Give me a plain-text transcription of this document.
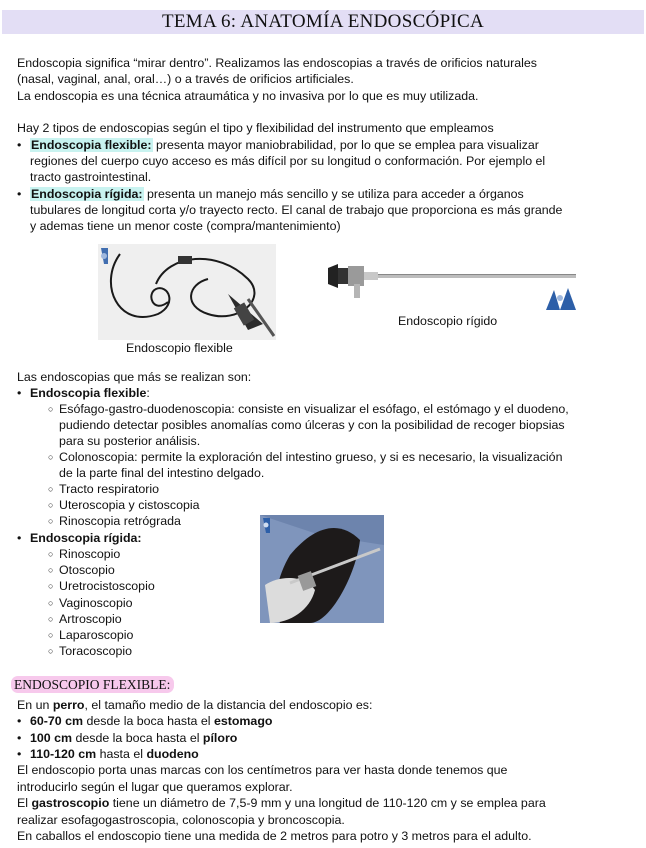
TEMA 6: ANATOMÍA ENDOSCÓPICA

Endoscopia significa “mirar dentro”. Realizamos las endoscopias a través de orificios naturales

(nasal, vaginal, anal, oral…) o a través de orificios artificiales.

La endoscopia es una técnica atraumática y no invasiva por lo que es muy utilizada.

Hay 2 tipos de endoscopias según el tipo y flexibilidad del instrumento que empleamos

• Endoscopia flexible: presenta mayor maniobrabilidad, por lo que se emplea para visualizar
regiones del cuerpo cuyo acceso es más difícil por su longitud o conformación. Por ejemplo el
tracto gastrointestinal.
• Endoscopia rígida: presenta un manejo más sencillo y se utiliza para acceder a órganos
tubulares de longitud corta y/o trayecto recto. El canal de trabajo que proporciona es más grande
y ademas tiene un menor coste (compra/mantenimiento)
Endoscopio flexible
Endoscopio rígido

Las endoscopias que más se realizan son:

• Endoscopia flexible:
○ Esófago-gastro-duodenoscopia: consiste en visualizar el esófago, el estómago y el duodeno,
pudiendo detectar posibles anomalías como úlceras y con la posibilidad de recoger biopsias
para su posterior análisis.
○ Colonoscopia: permite la exploración del intestino grueso, y si es necesario, la visualización
de la parte final del intestino delgado.
○ Tracto respiratorio
○ Uteroscopia y cistoscopia
○ Rinoscopia retrógrada
• Endoscopia rígida:
○ Rinoscopio
○ Otoscopio
○ Uretrocistoscopio
○ Vaginoscopio
○ Artroscopio
○ Laparoscopio
○ Toracoscopio
ENDOSCOPIO FLEXIBLE:

En un perro, el tamaño medio de la distancia del endoscopio es:

• 60-70 cm desde la boca hasta el estomago
• 100 cm desde la boca hasta el píloro
• 110-120 cm hasta el duodeno

El endoscopio porta unas marcas con los centímetros para ver hasta donde tenemos que

introducirlo según el lugar que queramos explorar.

El gastroscopio tiene un diámetro de 7,5-9 mm y una longitud de 110-120 cm y se emplea para

realizar esofagogastroscopia, colonoscopia y broncoscopia.

En caballos el endoscopio tiene una medida de 2 metros para potro y 3 metros para el adulto.
